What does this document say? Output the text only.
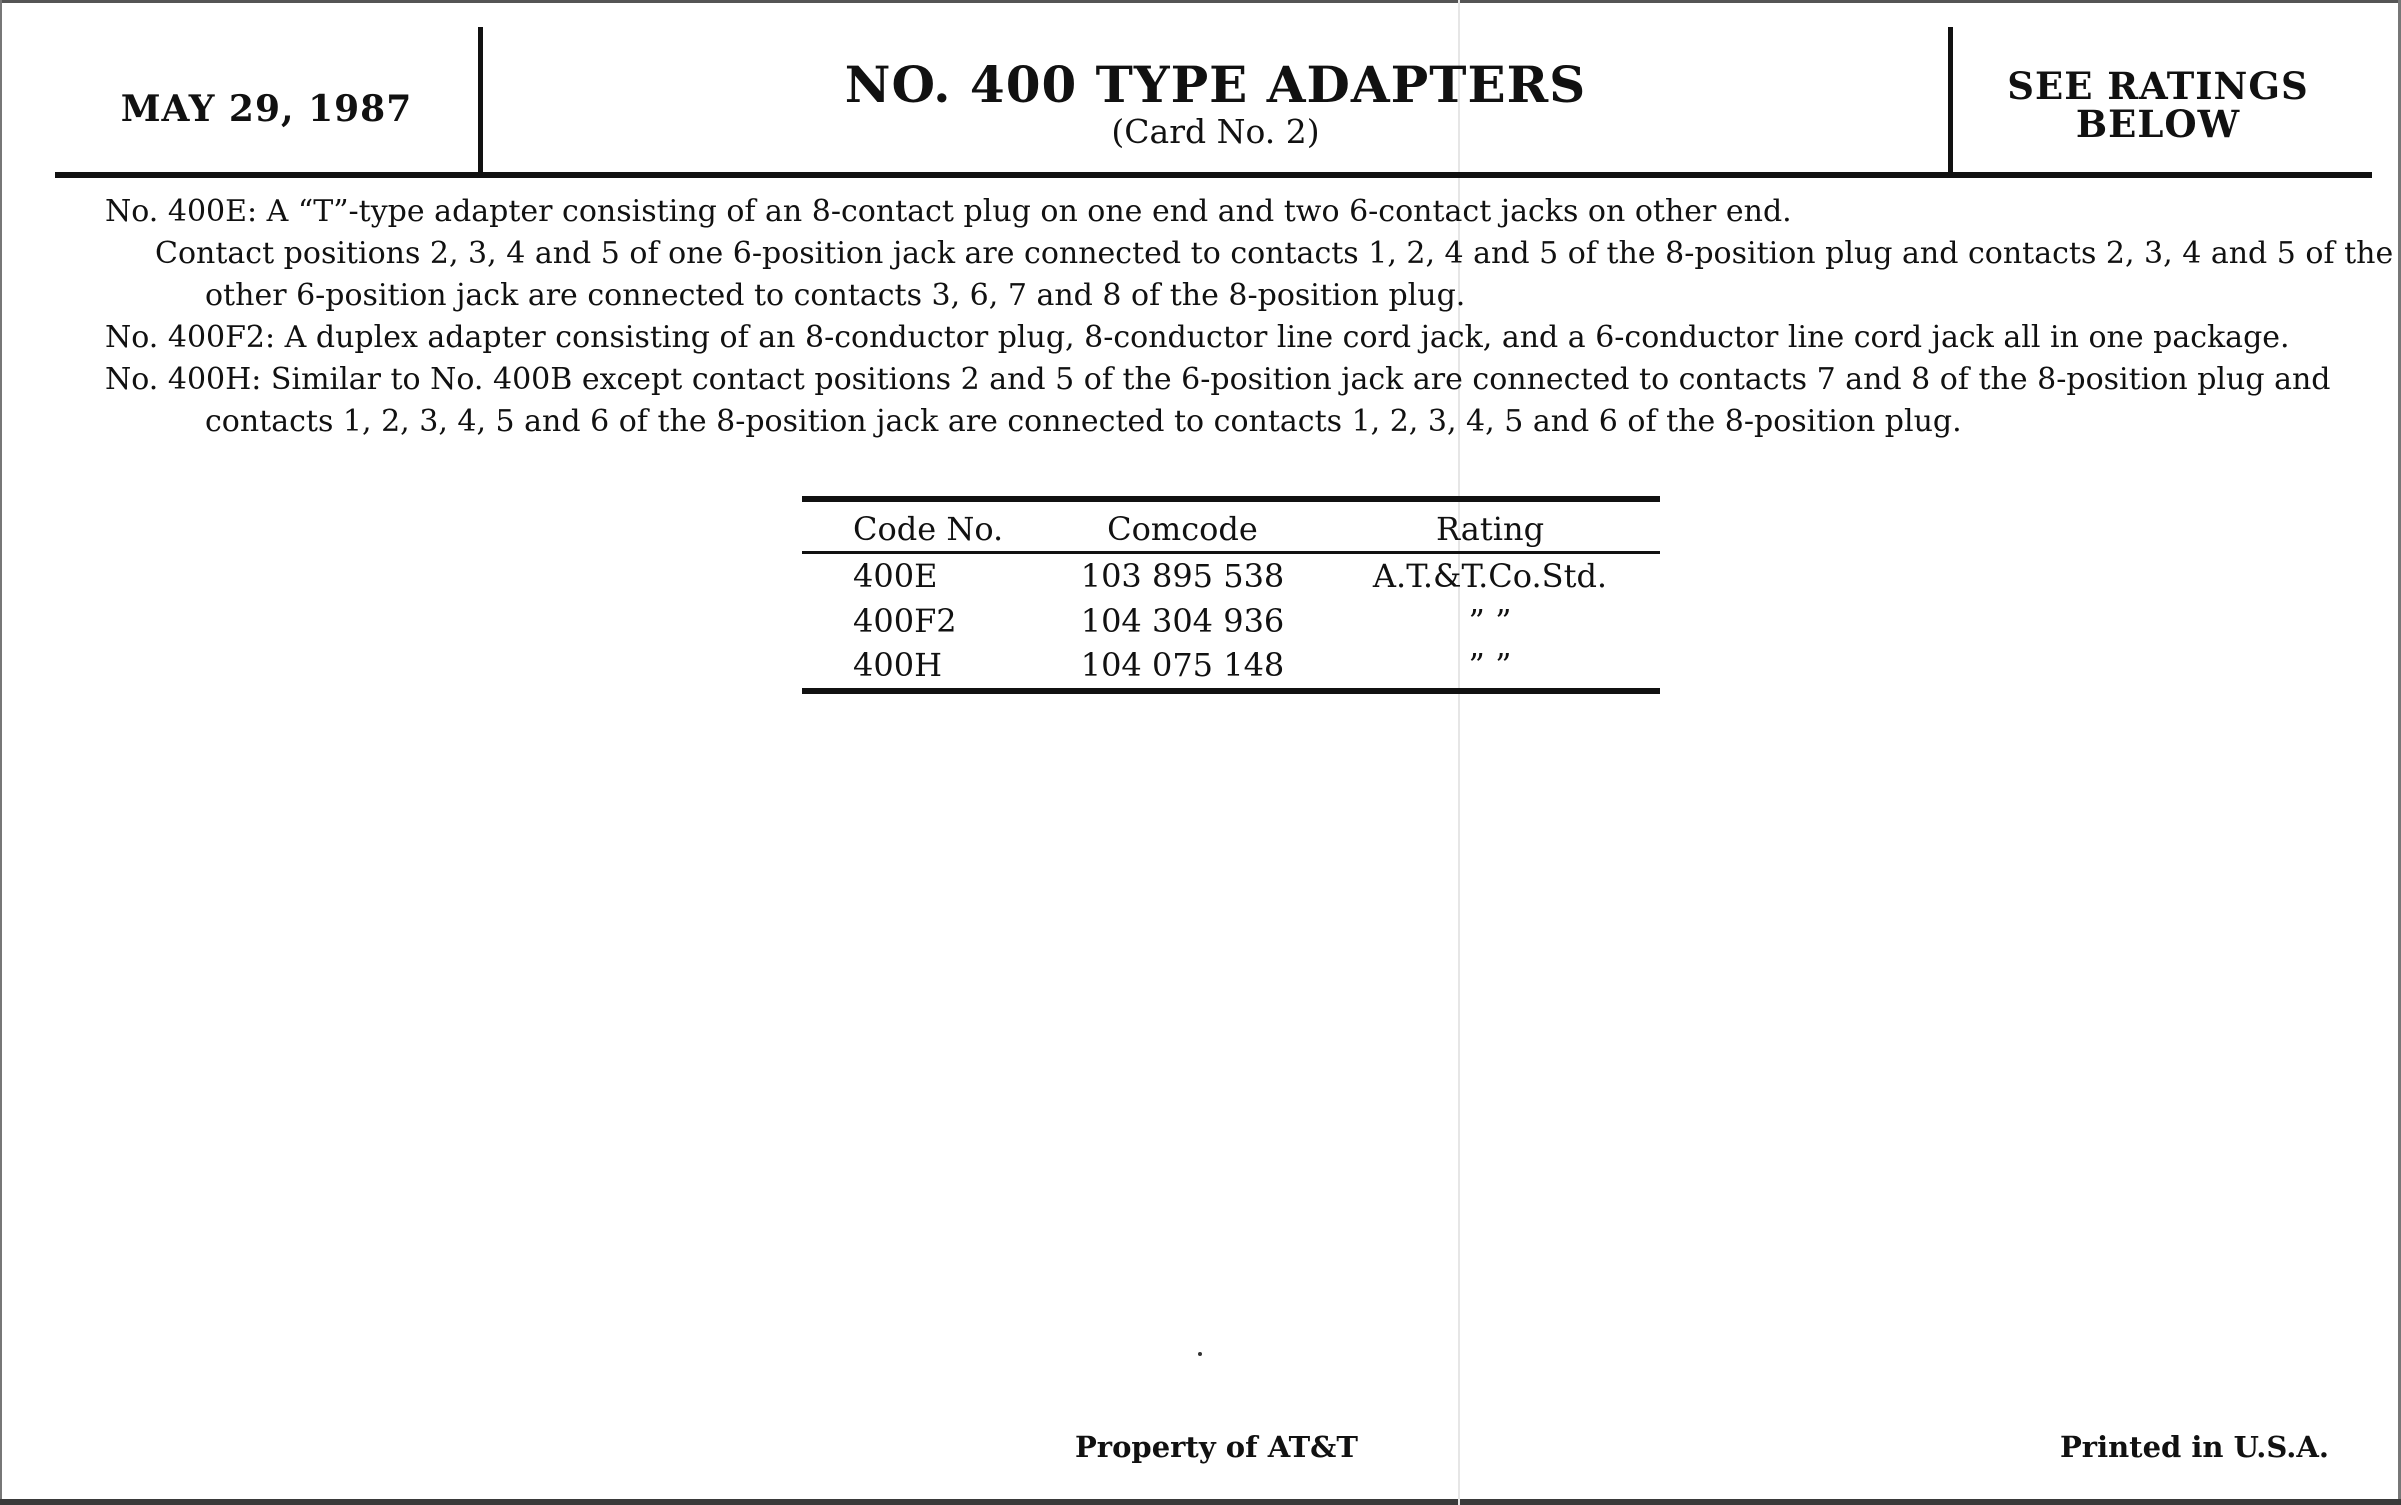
MAY 29, 1987	NO. 400 TYPE ADAPTERS
(Card No. 2)
SEE RATINGS
BELOW
No. 400E: A “T”-type adapter consisting of an 8-contact plug on one end and two 6-contact jacks on other end.
Contact positions 2, 3, 4 and 5 of one 6-position jack are connected to contacts 1, 2, 4 and 5 of the 8-position plug and contacts 2, 3, 4 and 5 of the
other 6-position jack are connected to contacts 3, 6, 7 and 8 of the 8-position plug.
No. 400F2: A duplex adapter consisting of an 8-conductor plug, 8-conductor line cord jack, and a 6-conductor line cord jack all in one package.
No. 400H: Similar to No. 400B except contact positions 2 and 5 of the 6-position jack are connected to contacts 7 and 8 of the 8-position plug and
contacts 1, 2, 3, 4, 5 and 6 of the 8-position jack are connected to contacts 1, 2, 3, 4, 5 and 6 of the 8-position plug.
Code No.	Comcode	Rating
400E	103 895 538	A.T.&T.Co.Std.
400F2	104 304 936	” ”
400H	104 075 148	” ”
Property of AT&T	Printed in U.S.A.
